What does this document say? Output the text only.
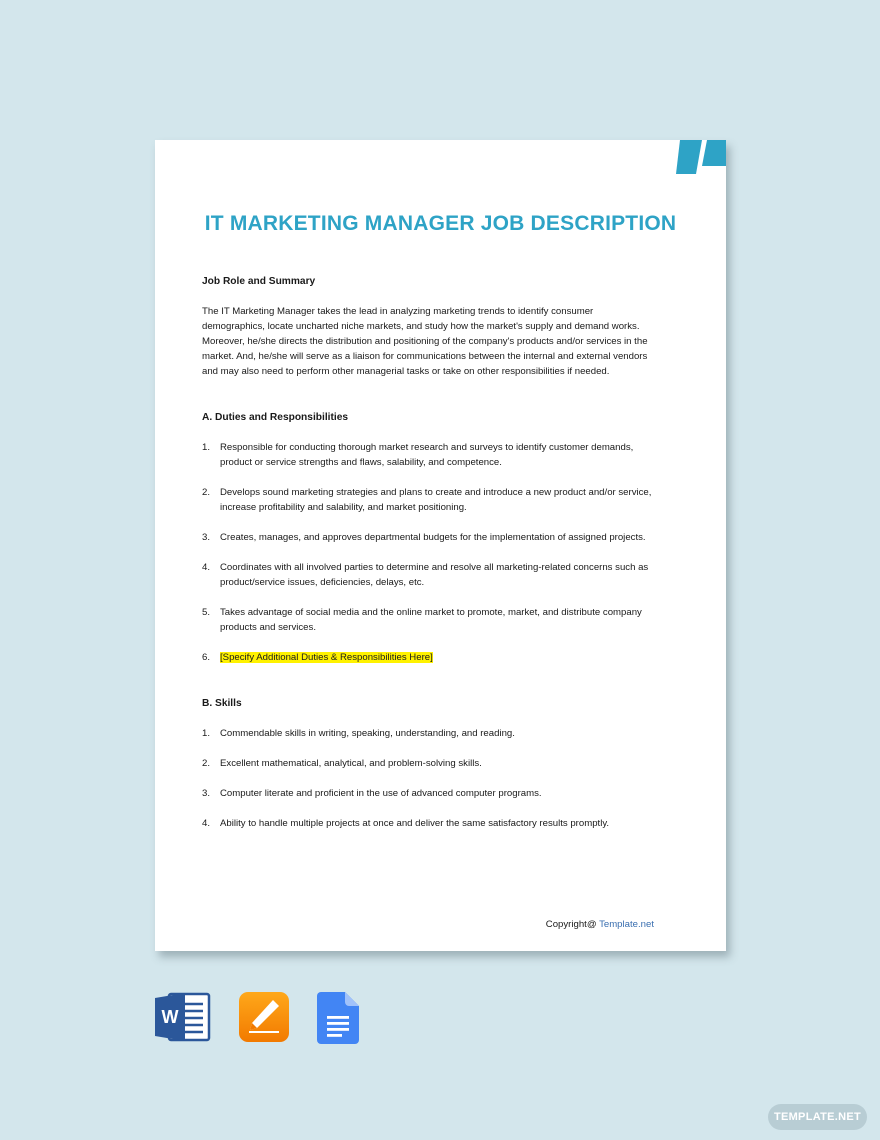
IT MARKETING MANAGER JOB DESCRIPTION

Job Role and Summary

The IT Marketing Manager takes the lead in analyzing marketing trends to identify consumer demographics, locate uncharted niche markets, and study how the market's supply and demand works. Moreover, he/she directs the distribution and positioning of the company's products and/or services in the market. And, he/she will serve as a liaison for communications between the internal and external vendors and may also need to perform other managerial tasks or take on other responsibilities if needed.

A. Duties and Responsibilities

1.	Responsible for conducting thorough market research and surveys to identify customer demands, product or service strengths and flaws, salability, and competence.
2.	Develops sound marketing strategies and plans to create and introduce a new product and/or service, increase profitability and salability, and market positioning.
3.	Creates, manages, and approves departmental budgets for the implementation of assigned projects.
4.	Coordinates with all involved parties to determine and resolve all marketing-related concerns such as product/service issues, deficiencies, delays, etc.
5.	Takes advantage of social media and the online market to promote, market, and distribute company products and services.
6.	[Specify Additional Duties & Responsibilities Here]

B. Skills

1.	Commendable skills in writing, speaking, understanding, and reading.
2.	Excellent mathematical, analytical, and problem-solving skills.
3.	Computer literate and proficient in the use of advanced computer programs.
4.	Ability to handle multiple projects at once and deliver the same satisfactory results promptly.
Copyright@ Template.net
W
TEMPLATE.NET
